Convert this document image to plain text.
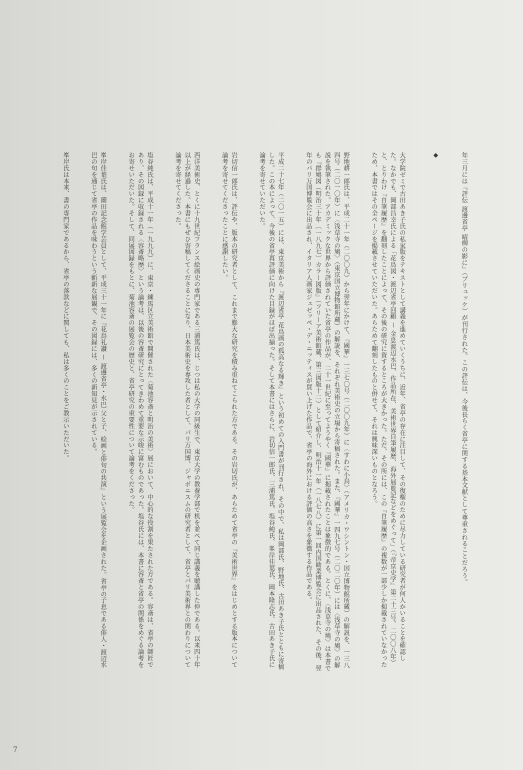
年三月には『評伝 渡邊省亭 晴柳の影に』（ブリュッケ）が刊行された。この評伝は、今後長らく省亭に関する基本文献として尊重されることだろう。

◆

大学院ゼミで古田あき子氏の私家版をテキストとして講義を進めていくうちに、近年、省亭の存在に注目して、その復権のために尽力している研究者が何人かいることを確認した。なかでも、岡部昌幸氏による「花鳥図・渡辺省亭回顧 ー 金息渡辺水巴、作品所在、美術世界自筆履歴、海外展覧記などをめぐって」（『帝京史学』第二十三号、二〇〇八年）と、とりわけ『自筆履歴』を翻刻したことによって、その後の研究に資するところが大きかった。ただ、その所には、この『自筆履歴』の複数が一部少しか掲載されていなかったため、本書ではその全ページを掲載させていただいた。あらためて翻刻したものと併せて、それは興味深いものとなろう。

野地耕一郎氏は、平成二十一年（二〇〇九）から翌年にかけて、『國華』一三七〇号（二〇〇九年）に〈すわに小鳥〉（アメリカ・ワシントン・国立博物館所蔵）の解説を、一三八四号（二〇一〇年）に〈浅草寺の鳩〉（東京国立博物館所蔵）の解説を、それぞれ美術史の立場から寄稿された。また、『國華』一四九七号（二〇二〇年）には〈浅草寺の鳩〉の解説を執筆された。アカデミックな世界から評価されていた省亭の作品が、二十一世紀に至ってようやく『國華』に掲載されたことは象徴的である。とくに、〈浅草寺の鳩〉は本書でも『群鳩図（明治三十年〔一八九七〕カラー図版』（フリーア美術館蔵、第三図版十二）として紹介し、明治十一年（一八七八）に第一回内国勧業博覧会に出品された、その後、翌年のパリ万国博覧会に出品され、イタリア人画家ジュゼッペ・デ・ニッティスが買い上げた作品で、省亭の海外における評価の高さを象徴する作品である。

平成二十七年（二〇一五）には、東京美術から『渡辺省亭 花鳥画の孤高なる輝き』という初めての入門書が刊行され、その中で、私は岡部氏、野地氏、古田あき子氏とともに寄稿した。この本によって、今後の省亭再評価に向けた目録がほぼ出揃った。そして本書にはさらに、岩切信一郎氏、三浦篤氏、塩谷純氏、峯岸佳葉氏、岡本隆志氏、古田あき子氏に論考を寄せていただいた。

岩切信一郎氏は、評伝や、版本の研究者として、これまで膨大な研究を積み重ねてこられた方である。その岩切氏が、あらためて省亭の『美術世界』をはじめとする版本について論考を寄せてくださったことに感謝したい。

西洋美術史、とくに十九世紀フランス絵画史の専門家である三浦篤氏は、じつは私の大学の同級生で、東京大学の教養学部で机を並べて同じ講義を聴講した仲である。以来四十年以上が経過した。本書にもぜひ寄稿してくださることになり、日本美術史を専攻した者として、パリ万国博、ジャポニスムの研究者として、省亭とパリ美術界との関わりについて論考を寄せてくださった。

塩谷純氏は、平成十一年（一九九九）に、東京・練馬区立美術館で開催された〈菊池容斎と明治の美術〉展において、中心的な役割を果たされた方である。容斎は、省亭の師匠であり、その図録に収録される〈容斎略歴〉という論考は、以後の容斎研究にとってきわめて重要な示唆に富むものであった。塩谷氏には、本書に容斎と省亭の関係をめぐる論考をお寄せいただいた。そして、同展図録をもとに、菊池容斎の展覧会の歴史と、省亭研究の重要性について論考をくださった。

峯岸佳葉氏は、薗田記念館学芸員として、平成三十一年に『花鳥礼讃 ー 渡邊省亭・水巴 父と子、絵画と俳句の共演』という展覧会を企画された。省亭の子息である俳人・渡辺水巴の句を通じて省亭の作品を味わうという斬新な展観で、その図録には、多くの新知見が示されている。

峯岸氏は本来、書の専門家であるから、省亭の落款などに関しても、私は多くのことをご教示いただいた。

7
